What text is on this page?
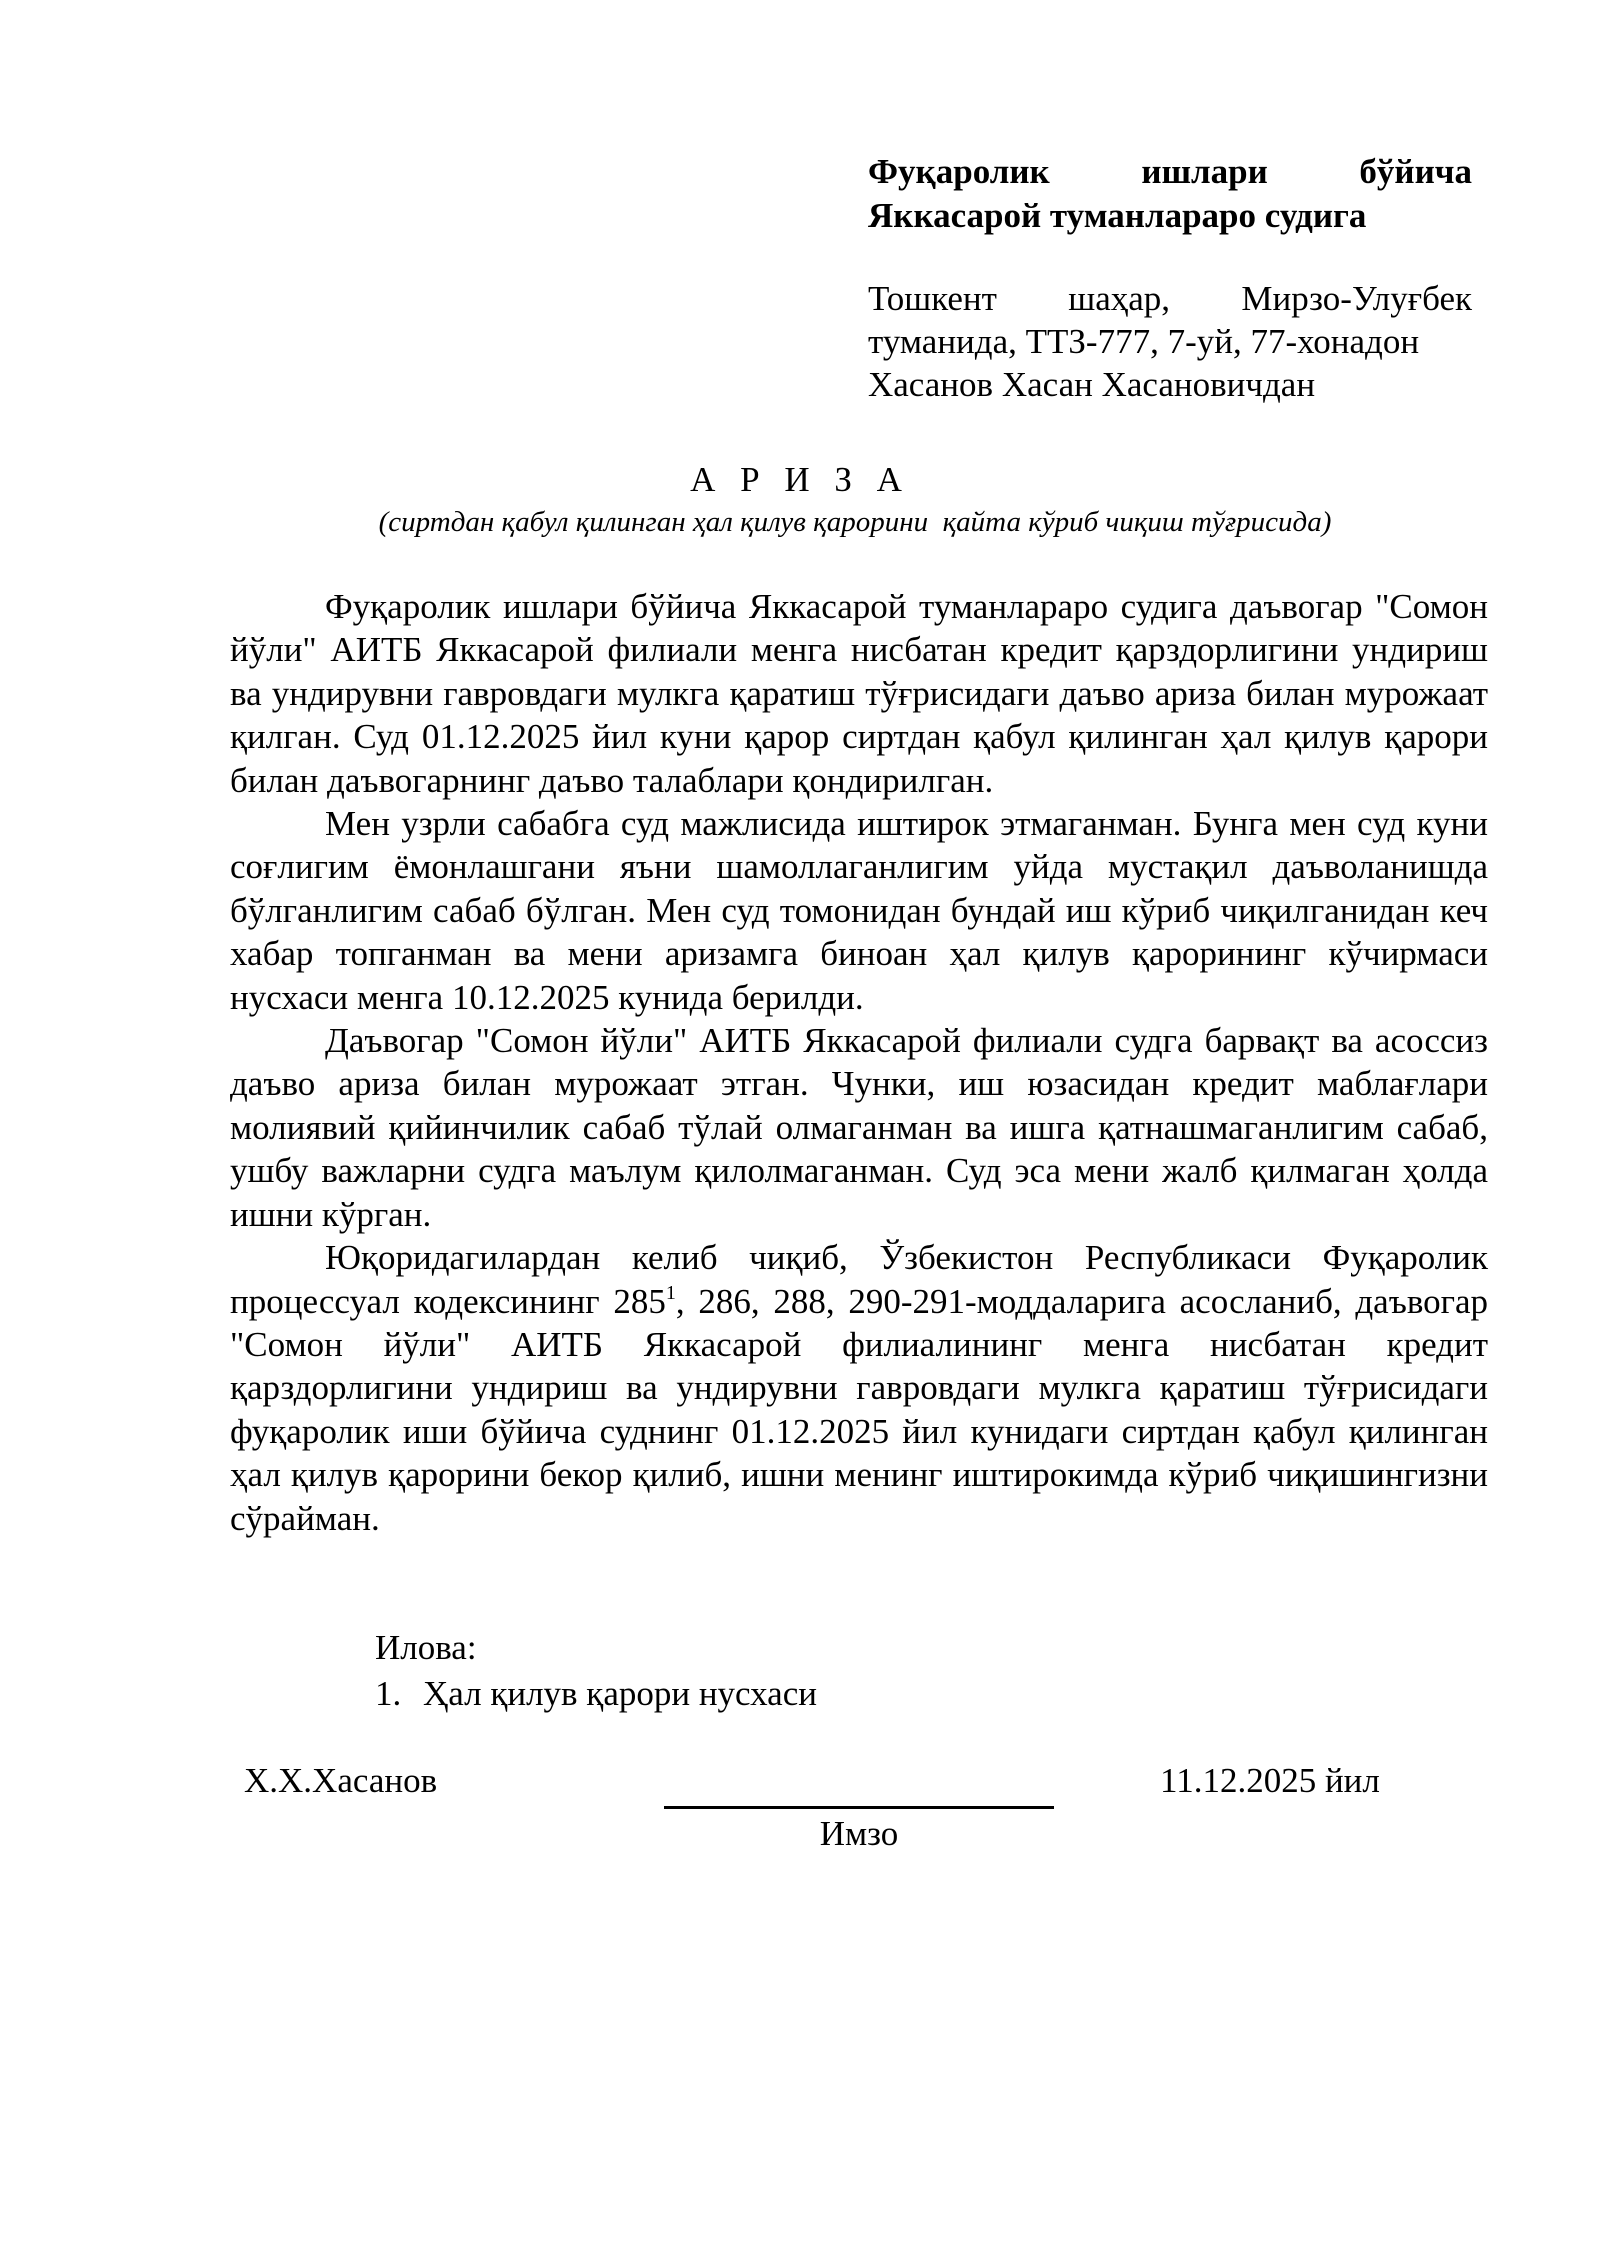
Фуқаролик ишлари бўйича
Яккасарой туманлараро судига
Тошкент шаҳар, Мирзо-Улуғбек
туманида, ТТЗ-777, 7-уй, 77-хонадон
Хасанов Хасан Хасановичдан
А Р И З А
(сиртдан қабул қилинган ҳал қилув қарорини  қайта кўриб чиқиш тўғрисида)

Фуқаролик ишлари бўйича Яккасарой туманлараро судига даъвогар "Сомон йўли" АИТБ Яккасарой филиали менга нисбатан кредит қарздорлигини ундириш ва ундирувни гавровдаги мулкга қаратиш тўғрисидаги даъво ариза билан мурожаат қилган. Суд 01.12.2025 йил куни қарор сиртдан қабул қилинган ҳал қилув қарори билан даъвогарнинг даъво талаблари қондирилган.

Мен узрли сабабга суд мажлисида иштирок этмаганман. Бунга мен суд куни соғлигим ёмонлашгани яъни шамоллаганлигим уйда мустақил даъволанишда бўлганлигим сабаб бўлган. Мен суд томонидан бундай иш кўриб чиқилганидан кеч хабар топганман ва мени аризамга биноан ҳал қилув қарорининг кўчирмаси нусхаси менга 10.12.2025 кунида берилди.

Даъвогар "Сомон йўли" АИТБ Яккасарой филиали судга барвақт ва асоссиз даъво ариза билан мурожаат этган. Чунки, иш юзасидан кредит маблағлари молиявий қийинчилик сабаб тўлай олмаганман ва ишга қатнашмаганлигим сабаб, ушбу важларни судга маълум қилолмаганман. Суд эса мени жалб қилмаган ҳолда ишни кўрган.

Юқоридагилардан келиб чиқиб, Ўзбекистон Республикаси Фуқаролик процессуал кодексининг $285^1$, 286, 288, 290-291-моддаларига асосланиб, даъвогар "Сомон йўли" АИТБ Яккасарой филиалининг менга нисбатан кредит қарздорлигини ундириш ва ундирувни гавровдаги мулкга қаратиш тўғрисидаги фуқаролик иши бўйича суднинг 01.12.2025 йил кунидаги сиртдан қабул қилинган ҳал қилув қарорини бекор қилиб, ишни менинг иштирокимда кўриб чиқишингизни сўрайман.

Илова:
1. Ҳал қилув қарори нусхаси
Х.Х.Хасанов
Имзо
11.12.2025 йил
